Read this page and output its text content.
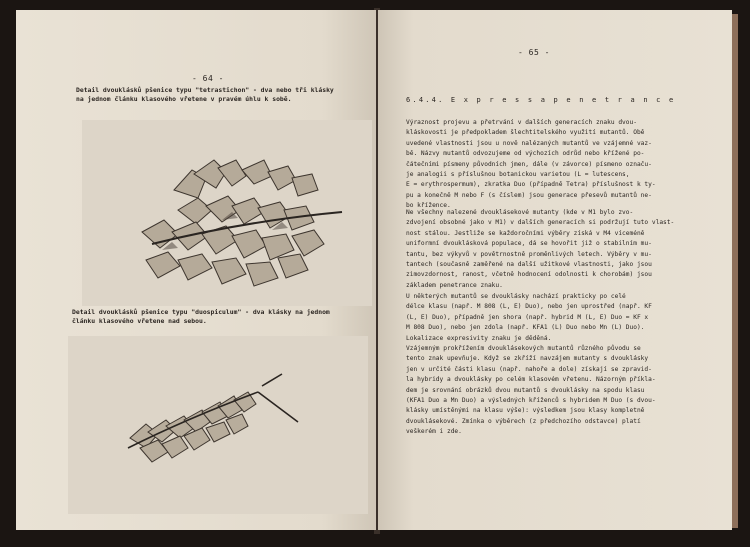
- 64 -
Detail dvouklásků pšenice typu "tetrastichon" - dva nebo tři klásky
na jednom článku klasového vřetene v pravém úhlu k sobě.
Detail dvouklásků pšenice typu "duospiculum" - dva klásky na jednom
článku klasového vřetene nad sebou.
- 65 -
6.4.4. E x p r e s s a p e n e t r a n c e
Výraznost projevu a přetrvání v dalších generacích znaku dvou-
kláskovosti je předpokladem šlechtitelského využití mutantů. Obě
uvedené vlastnosti jsou u nově nalézaných mutantů ve vzájemné vaz-
bě. Názvy mutantů odvozujeme od výchozích odrůd nebo křížené po-
čátečními písmeny původních jmen, dále (v závorce) písmeno označu-
je analogii s příslušnou botanickou varietou (L = lutescens,
E = erythrospermum), zkratka Duo (případně Tetra) příslušnost k ty-
pu a konečně M nebo F (s číslem) jsou generace přesevů mutantů ne-
bo křížence.
Ne všechny nalezené dvouklásekové mutanty (kde v M1 bylo zvo-
zdvojení obsobné jako v M1) v dalších generacích si podržují tuto vlast-
nost stálou. Jestliže se každoročními výběry získá v M4 víceméně
uniformní dvouklásková populace, dá se hovořit již o stabilním mu-
tantu, bez výkyvů v povětrnostně proměnlivých letech. Výběry v mu-
tantech (současně zaměřené na další užitkové vlastnosti, jako jsou
zimovzdornost, ranost, včetně hodnocení odolnosti k chorobám) jsou
základem penetrance znaku.
U některých mutantů se dvouklásky nachází prakticky po celé
délce klasu (např. M 808 (L, E) Duo), nebo jen uprostřed (např. KF
(L, E) Duo), případně jen shora (např. hybrid M (L, E) Duo = KF x
M 808 Duo), nebo jen zdola (např. KFA1 (L) Duo nebo Mn (L) Duo).
Lokalizace expresivity znaku je děděná.
Vzájemným prokřížením dvouklásekových mutantů různého původu se
tento znak upevňuje. Když se zkříží navzájem mutanty s dvouklásky
jen v určité části klasu (např. nahoře a dole) získají se zpravid-
la hybridy a dvouklásky po celém klasovém vřetenu. Názorným příkla-
dem je srovnání obrázků dvou mutantů s dvouklásky na spodu klasu
(KFA1 Duo a Mn Duo) a výsledných kříženců s hybridem M Duo (s dvou-
klásky umístěnými na klasu výše): výsledkem jsou klasy kompletně
dvouklásekové. Zmínka o výběrech (z předchozího odstavce) platí
veškerém i zde.
